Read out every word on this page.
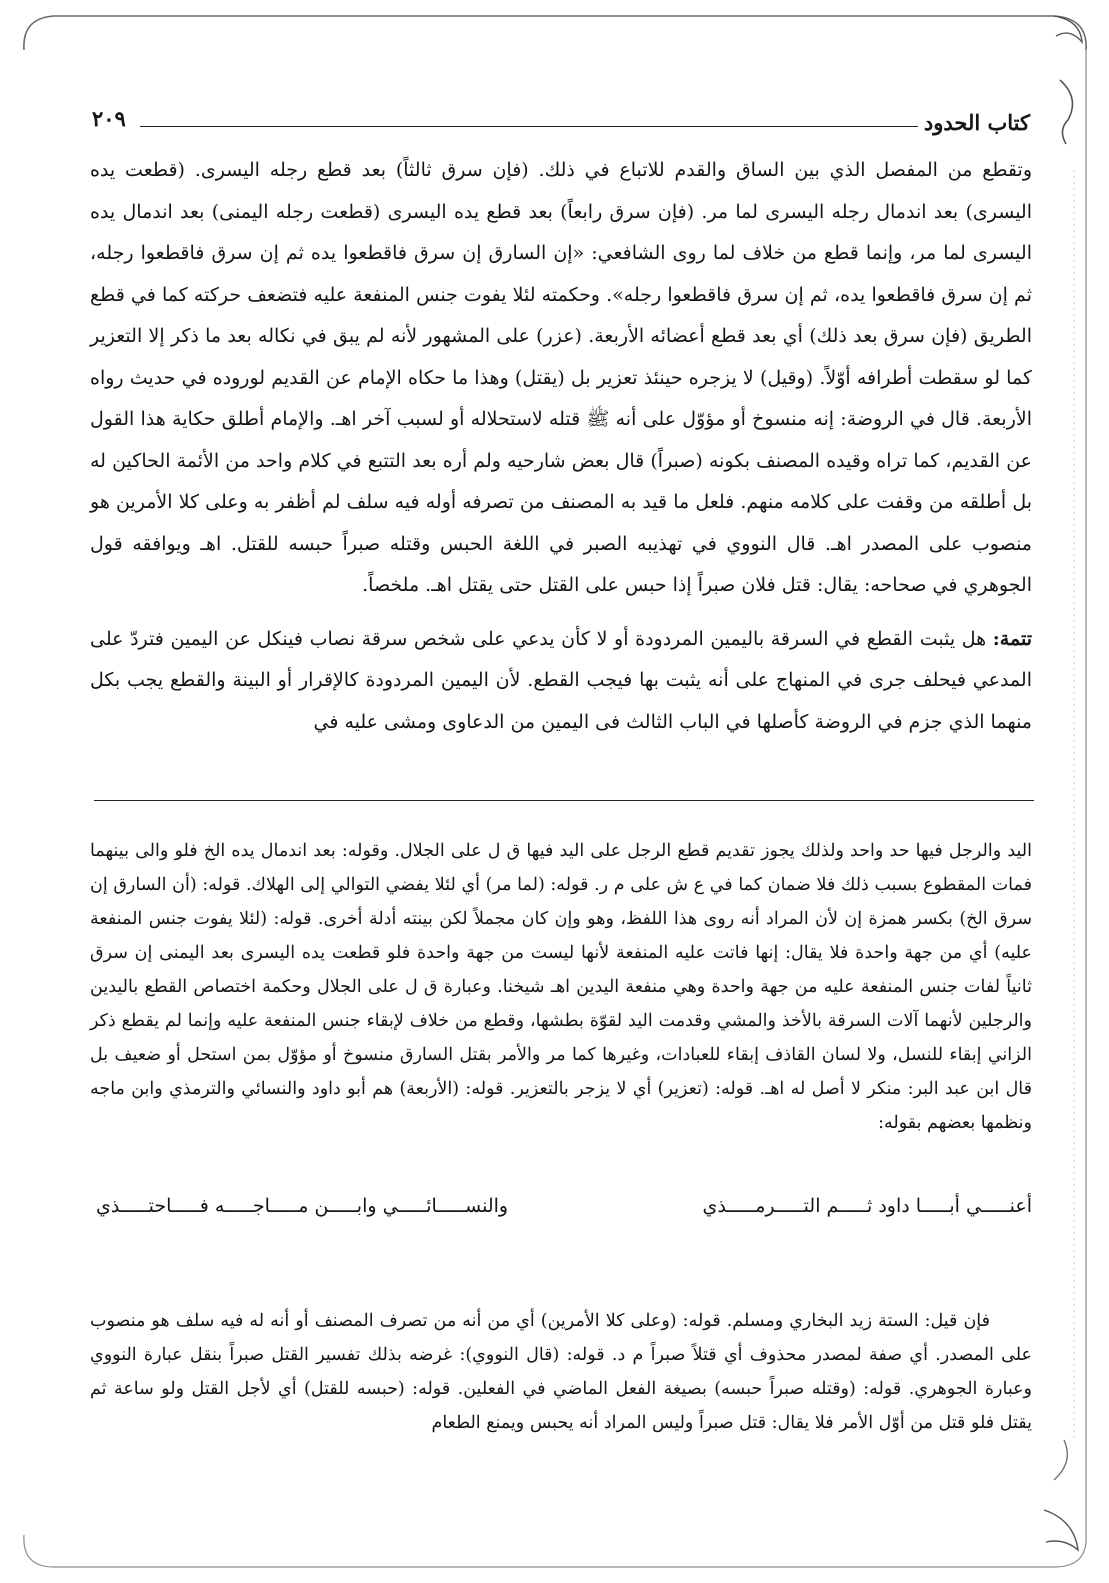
كتاب الحدود
٢٠٩

وتقطع من المفصل الذي بين الساق والقدم للاتباع في ذلك. (فإن سرق ثالثاً) بعد قطع رجله اليسرى. (قطعت يده اليسرى) بعد اندمال رجله اليسرى لما مر. (فإن سرق رابعاً) بعد قطع يده اليسرى (قطعت رجله اليمنى) بعد اندمال يده اليسرى لما مر، وإنما قطع من خلاف لما روى الشافعي: «إن السارق إن سرق فاقطعوا يده ثم إن سرق فاقطعوا رجله، ثم إن سرق فاقطعوا يده، ثم إن سرق فاقطعوا رجله». وحكمته لئلا يفوت جنس المنفعة عليه فتضعف حركته كما في قطع الطريق (فإن سرق بعد ذلك) أي بعد قطع أعضائه الأربعة. (عزر) على المشهور لأنه لم يبق في نكاله بعد ما ذكر إلا التعزير كما لو سقطت أطرافه أوّلاً. (وقيل) لا يزجره حينئذ تعزير بل (يقتل) وهذا ما حكاه الإمام عن القديم لوروده في حديث رواه الأربعة. قال في الروضة: إنه منسوخ أو مؤوّل على أنه ﷺ قتله لاستحلاله أو لسبب آخر اهـ. والإمام أطلق حكاية هذا القول عن القديم، كما تراه وقيده المصنف بكونه (صبراً) قال بعض شارحيه ولم أره بعد التتبع في كلام واحد من الأئمة الحاكين له بل أطلقه من وقفت على كلامه منهم. فلعل ما قيد به المصنف من تصرفه أوله فيه سلف لم أظفر به وعلى كلا الأمرين هو منصوب على المصدر اهـ. قال النووي في تهذيبه الصبر في اللغة الحبس وقتله صبراً حبسه للقتل. اهـ ويوافقه قول الجوهري في صحاحه: يقال: قتل فلان صبراً إذا حبس على القتل حتى يقتل اهـ. ملخصاً.

تتمة: هل يثبت القطع في السرقة باليمين المردودة أو لا كأن يدعي على شخص سرقة نصاب فينكل عن اليمين فتردّ على المدعي فيحلف جرى في المنهاج على أنه يثبت بها فيجب القطع. لأن اليمين المردودة كالإقرار أو البينة والقطع يجب بكل منهما الذي جزم في الروضة كأصلها في الباب الثالث فى اليمين من الدعاوى ومشى عليه في

اليد والرجل فيها حد واحد ولذلك يجوز تقديم قطع الرجل على اليد فيها ق ل على الجلال. وقوله: بعد اندمال يده الخ فلو والى بينهما فمات المقطوع بسبب ذلك فلا ضمان كما في ع ش على م ر. قوله: (لما مر) أي لئلا يفضي التوالي إلى الهلاك. قوله: (أن السارق إن سرق الخ) بكسر همزة إن لأن المراد أنه روى هذا اللفظ، وهو وإن كان مجملاً لكن بينته أدلة أخرى. قوله: (لئلا يفوت جنس المنفعة عليه) أي من جهة واحدة فلا يقال: إنها فاتت عليه المنفعة لأنها ليست من جهة واحدة فلو قطعت يده اليسرى بعد اليمنى إن سرق ثانياً لفات جنس المنفعة عليه من جهة واحدة وهي منفعة اليدين اهـ شيخنا. وعبارة ق ل على الجلال وحكمة اختصاص القطع باليدين والرجلين لأنهما آلات السرقة بالأخذ والمشي وقدمت اليد لقوّة بطشها، وقطع من خلاف لإبقاء جنس المنفعة عليه وإنما لم يقطع ذكر الزاني إبقاء للنسل، ولا لسان القاذف إبقاء للعبادات، وغيرها كما مر والأمر بقتل السارق منسوخ أو مؤوّل بمن استحل أو ضعيف بل قال ابن عبد البر: منكر لا أصل له اهـ. قوله: (تعزير) أي لا يزجر بالتعزير. قوله: (الأربعة) هم أبو داود والنسائي والترمذي وابن ماجه ونظمها بعضهم بقوله:

أعنـــــي أبـــــا داود ثـــــم التـــــرمـــــذي
والنســـــائـــــي وابـــــن مـــــاجـــــه فـــــاحتـــــذي

فإن قيل: الستة زيد البخاري ومسلم. قوله: (وعلى كلا الأمرين) أي من أنه من تصرف المصنف أو أنه له فيه سلف هو منصوب على المصدر. أي صفة لمصدر محذوف أي قتلاً صبراً م د. قوله: (قال النووي): غرضه بذلك تفسير القتل صبراً بنقل عبارة النووي وعبارة الجوهري. قوله: (وقتله صبراً حبسه) بصيغة الفعل الماضي في الفعلين. قوله: (حبسه للقتل) أي لأجل القتل ولو ساعة ثم يقتل فلو قتل من أوّل الأمر فلا يقال: قتل صبراً وليس المراد أنه يحبس ويمنع الطعام
